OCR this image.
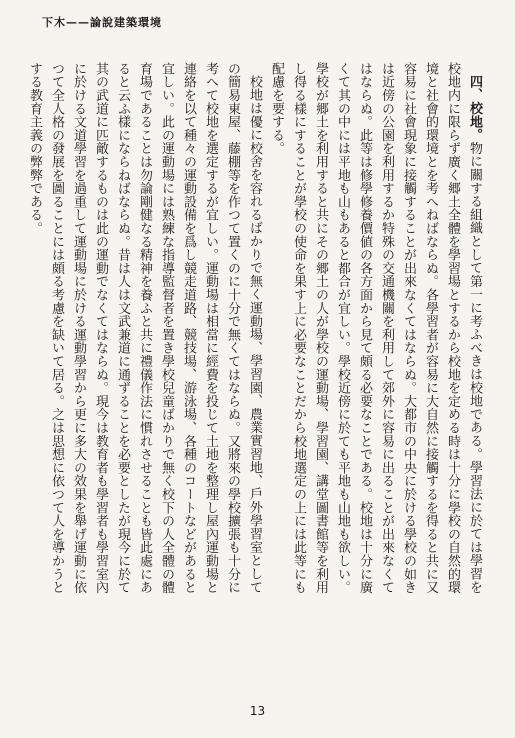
下木——論說建築環境

四、校地。物に關する組織として第一に考ふべきは校地である。學習法に於ては學習を校地内に限らず廣く郷土全體を學習場とするから校地を定める時は十分に學校の自然的環境と社會的環境とを考へねばならぬ。各學習者が容易に大自然に接觸するを得ると共に又容易に社會現象に接觸することが出來なくてはならぬ。大都市の中央に於ける學校の如きは近傍の公園を利用するか特殊の交通機關を利用して郊外に容易に出ることが出來なくてはならぬ。此等は修學修養價値の各方面から見て頗る必要なことである。校地は十分に廣くて其の中には平地も山もあると都合が宜しい。學校近傍に於ても平地も山地も欲しい。學校が郷土を利用すると共にその郷土の人が學校の運動場、學習園、講堂圖書館等を利用し得る樣にすることが學校の使命を果す上に必要なことだから校地選定の上には此等にも配慮を要する。

校地は優に校舍を容れるばかりで無く運動場、學習園、農業實習地、戶外學習室としての簡易東屋、藤棚等を作つて置くのに十分で無くてはならぬ。又將來の學校擴張も十分に考へて校地を選定するが宜しい。運動場は相當に經費を投じて土地を整理し屋內運動場と連絡を以て種々の運動設備を爲し競走道路、競技場、游泳場、各種のコートなどがあると宜しい。此の運動場には熟練な指導監督者を置き學校兒童ばかりで無く校下の人全體の體育場であることは勿論剛健なる精神を養ふと共に禮儀作法に慣れさせることも皆此處にあると云ふ樣にならねばならぬ。昔は人は文武兼道に通ずることを必要としたが現今に於て其の武道に匹敵するものは此の運動でなくてはならぬ。現今は教育者も學習者も學習室內に於ける文道學習を過重して運動場に於ける運動學習から更に多大の效果を舉げ運動に依つて全人格の發展を圖ることには頗る考慮を缺いて居る。之は思想に依つて人を導かうとする教育主義の弊弊である。

13
